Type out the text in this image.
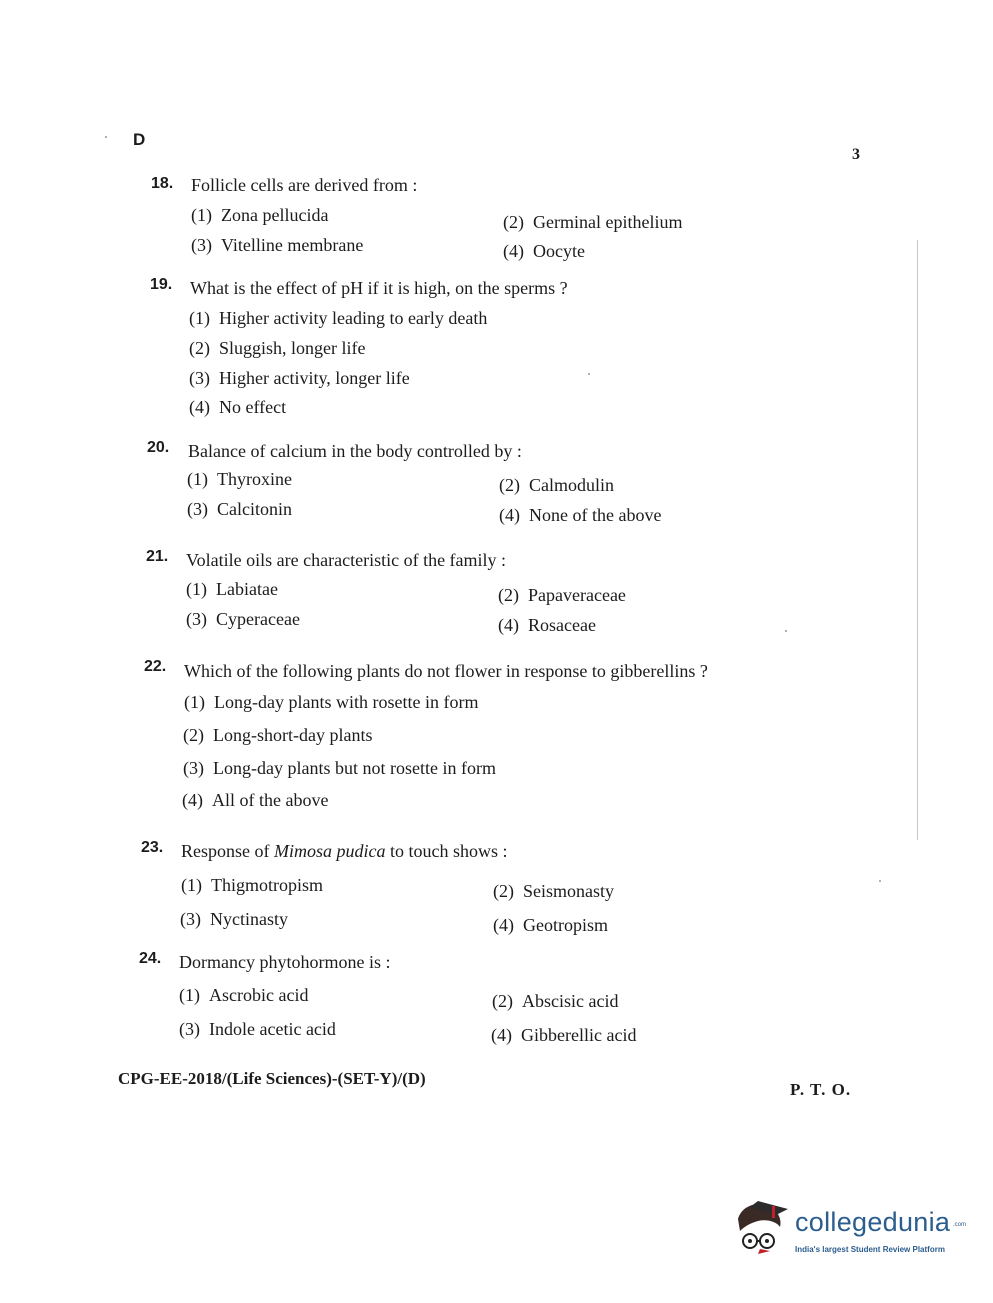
D
3
18. Follicle cells are derived from :
(1) Zona pellucida	(2) Germinal epithelium
(3) Vitelline membrane	(4) Oocyte
19. What is the effect of pH if it is high, on the sperms ?
(1) Higher activity leading to early death
(2) Sluggish, longer life
(3) Higher activity, longer life
(4) No effect
20. Balance of calcium in the body controlled by :
(1) Thyroxine	(2) Calmodulin
(3) Calcitonin	(4) None of the above
21. Volatile oils are characteristic of the family :
(1) Labiatae	(2) Papaveraceae
(3) Cyperaceae	(4) Rosaceae
22. Which of the following plants do not flower in response to gibberellins ?
(1) Long-day plants with rosette in form
(2) Long-short-day plants
(3) Long-day plants but not rosette in form
(4) All of the above
23. Response of Mimosa pudica to touch shows :
(1) Thigmotropism	(2) Seismonasty
(3) Nyctinasty	(4) Geotropism
24. Dormancy phytohormone is :
(1) Ascrobic acid	(2) Abscisic acid
(3) Indole acetic acid	(4) Gibberellic acid
CPG-EE-2018/(Life Sciences)-(SET-Y)/(D)
P. T. O.
collegedunia .com
India's largest Student Review Platform
